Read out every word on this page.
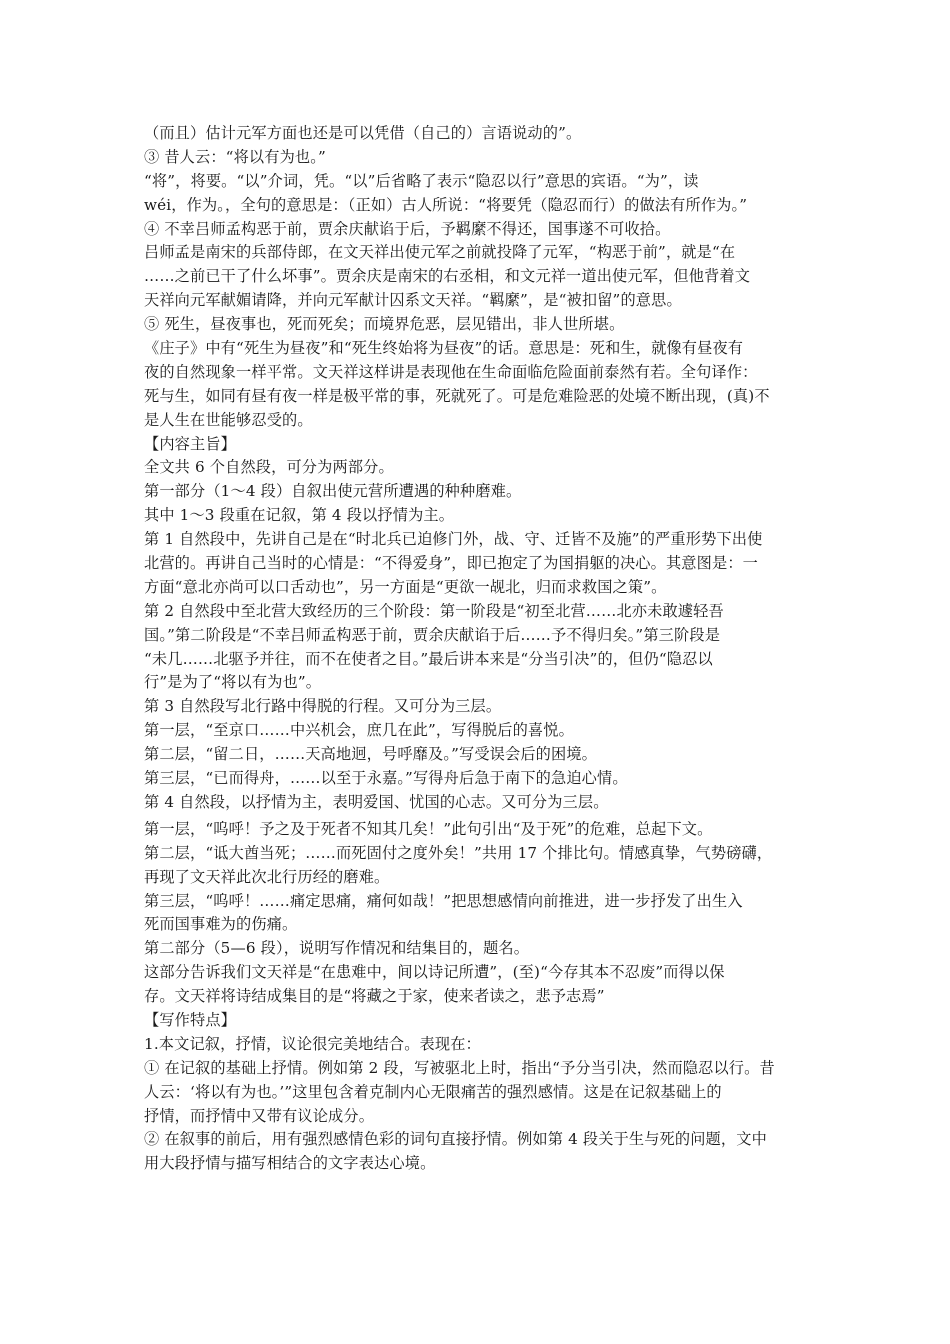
（而且）估计元军方面也还是可以凭借（自己的）言语说动的”。
③ 昔人云：“将以有为也。”
“将”，将要。“以”介词，凭。“以”后省略了表示“隐忍以行”意思的宾语。“为”，读
wéi，作为。，全句的意思是：（正如）古人所说：“将要凭（隐忍而行）的做法有所作为。”
④ 不幸吕师孟构恶于前，贾余庆献谄于后，予羁縻不得还，国事遂不可收拾。
吕师孟是南宋的兵部侍郎，在文天祥出使元军之前就投降了元军，“构恶于前”，就是“在
……之前已干了什么坏事”。贾余庆是南宋的右丞相，和文元祥一道出使元军，但他背着文
天祥向元军献媚请降，并向元军献计囚系文天祥。“羁縻”，是“被扣留”的意思。
⑤ 死生，昼夜事也，死而死矣；而境界危恶，层见错出，非人世所堪。
《庄子》中有“死生为昼夜”和“死生终始将为昼夜”的话。意思是：死和生，就像有昼夜有
夜的自然现象一样平常。文天祥这样讲是表现他在生命面临危险面前泰然有若。全句译作：
死与生，如同有昼有夜一样是极平常的事，死就死了。可是危难险恶的处境不断出现，(真)不
是人生在世能够忍受的。
【内容主旨】
全文共 6 个自然段，可分为两部分。
第一部分（1～4 段）自叙出使元营所遭遇的种种磨难。
其中 1～3 段重在记叙，第 4 段以抒情为主。
第 1 自然段中，先讲自己是在“时北兵已迫修门外，战、守、迁皆不及施”的严重形势下出使
北营的。再讲自己当时的心情是：“不得爱身”，即已抱定了为国捐躯的决心。其意图是：一
方面“意北亦尚可以口舌动也”，另一方面是“更欲一觇北，归而求救国之策”。
第 2 自然段中至北营大致经历的三个阶段：第一阶段是“初至北营……北亦未敢遽轻吾
国。”第二阶段是“不幸吕师孟构恶于前，贾余庆献谄于后……予不得归矣。”第三阶段是
“未几……北驱予并往，而不在使者之目。”最后讲本来是“分当引决”的，但仍“隐忍以
行”是为了“将以有为也”。
第 3 自然段写北行路中得脱的行程。又可分为三层。
第一层，“至京口……中兴机会，庶几在此”，写得脱后的喜悦。
第二层，“留二日，……天高地迥，号呼靡及。”写受误会后的困境。
第三层，“已而得舟，……以至于永嘉。”写得舟后急于南下的急迫心情。
第 4 自然段，以抒情为主，表明爱国、忧国的心志。又可分为三层。
第一层，“呜呼！予之及于死者不知其几矣！”此句引出“及于死”的危难，总起下文。
第二层，“诋大酋当死；……而死固付之度外矣！”共用 17 个排比句。情感真挚，气势磅礴，
再现了文天祥此次北行历经的磨难。
第三层，“呜呼！……痛定思痛，痛何如哉！”把思想感情向前推进，进一步抒发了出生入
死而国事难为的伤痛。
第二部分（5—6 段），说明写作情况和结集目的，题名。
这部分告诉我们文天祥是“在患难中，间以诗记所遭”，(至)“今存其本不忍废”而得以保
存。文天祥将诗结成集目的是“将藏之于家，使来者读之，悲予志焉”
【写作特点】
1.本文记叙，抒情，议论很完美地结合。表现在：
① 在记叙的基础上抒情。例如第 2 段，写被驱北上时，指出“予分当引决，然而隐忍以行。昔
人云：‘将以有为也。’”这里包含着克制内心无限痛苦的强烈感情。这是在记叙基础上的
抒情，而抒情中又带有议论成分。
② 在叙事的前后，用有强烈感情色彩的词句直接抒情。例如第 4 段关于生与死的问题，文中
用大段抒情与描写相结合的文字表达心境。
